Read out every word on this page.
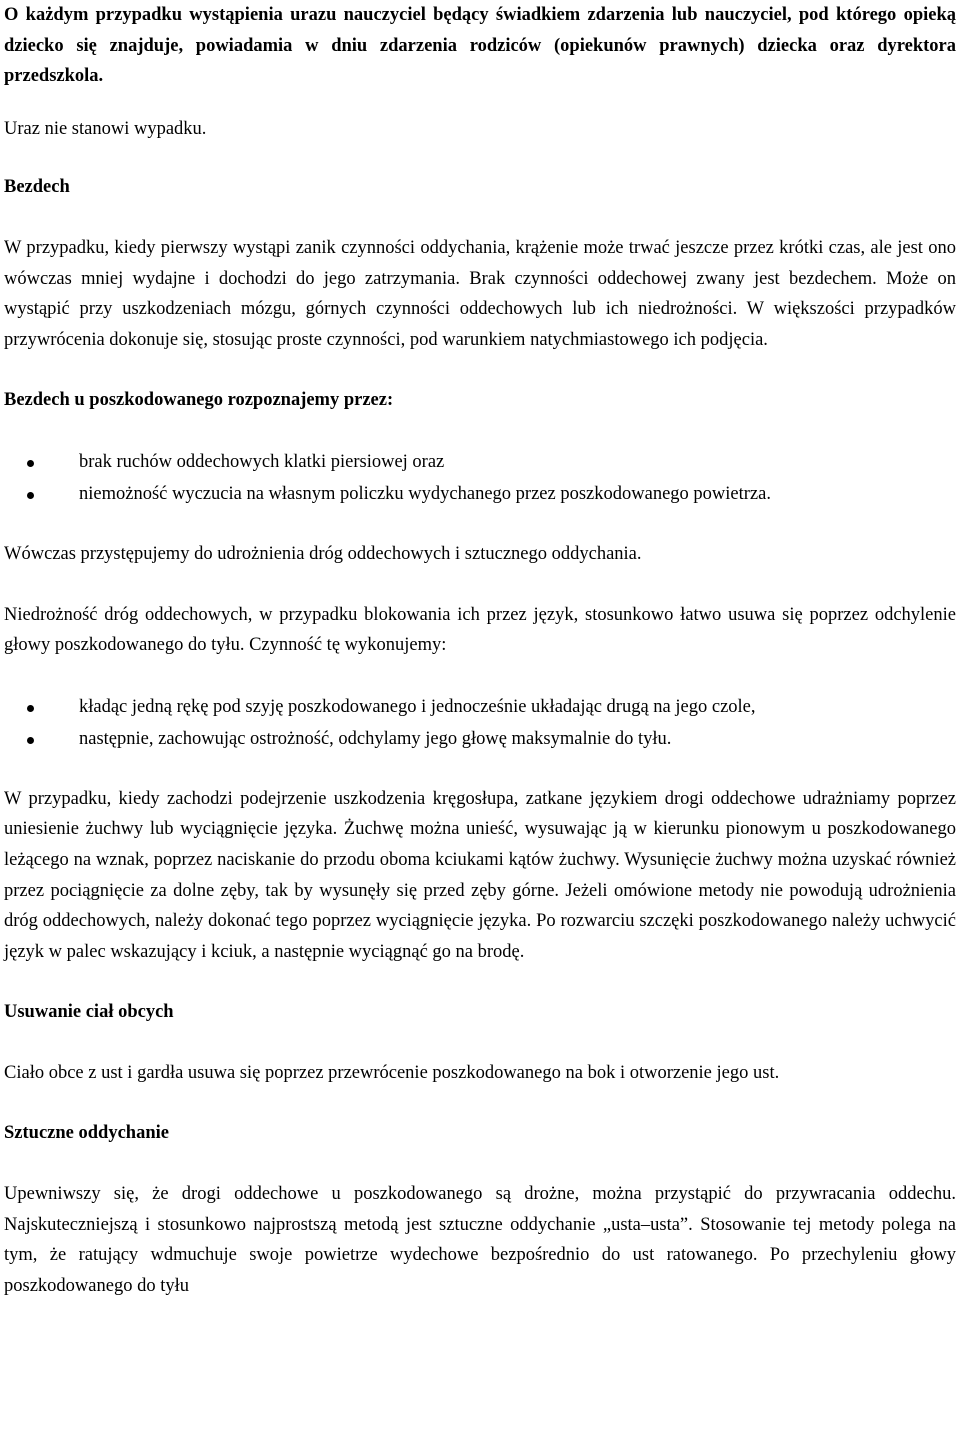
O każdym przypadku wystąpienia urazu nauczyciel będący świadkiem zdarzenia lub nauczyciel, pod którego opieką dziecko się znajduje, powiadamia w dniu zdarzenia rodziców (opiekunów prawnych) dziecka oraz dyrektora przedszkola.

Uraz nie stanowi wypadku.

Bezdech

W przypadku, kiedy pierwszy wystąpi zanik czynności oddychania, krążenie może trwać jeszcze przez krótki czas, ale jest ono wówczas mniej wydajne i dochodzi do jego zatrzymania. Brak czynności oddechowej zwany jest bezdechem. Może on wystąpić przy uszkodzeniach mózgu, górnych czynności oddechowych lub ich niedrożności. W większości przypadków przywrócenia dokonuje się, stosując proste czynności, pod warunkiem natychmiastowego ich podjęcia.

Bezdech u poszkodowanego rozpoznajemy przez:

brak ruchów oddechowych klatki piersiowej oraz
niemożność wyczucia na własnym policzku wydychanego przez poszkodowanego powietrza.

Wówczas przystępujemy do udrożnienia dróg oddechowych i sztucznego oddychania.

Niedrożność dróg oddechowych, w przypadku blokowania ich przez język, stosunkowo łatwo usuwa się poprzez odchylenie głowy poszkodowanego do tyłu. Czynność tę wykonujemy:

kładąc jedną rękę pod szyję poszkodowanego i jednocześnie układając drugą na jego czole,
następnie, zachowując ostrożność, odchylamy jego głowę maksymalnie do tyłu.

W przypadku, kiedy zachodzi podejrzenie uszkodzenia kręgosłupa, zatkane językiem drogi oddechowe udrażniamy poprzez uniesienie żuchwy lub wyciągnięcie języka. Żuchwę można unieść, wysuwając ją w kierunku pionowym u poszkodowanego leżącego na wznak, poprzez naciskanie do przodu oboma kciukami kątów żuchwy. Wysunięcie żuchwy można uzyskać również przez pociągnięcie za dolne zęby, tak by wysunęły się przed zęby górne. Jeżeli omówione metody nie powodują udrożnienia dróg oddechowych, należy dokonać tego poprzez wyciągnięcie języka. Po rozwarciu szczęki poszkodowanego należy uchwycić język w palec wskazujący i kciuk, a następnie wyciągnąć go na brodę.

Usuwanie ciał obcych

Ciało obce z ust i gardła usuwa się poprzez przewrócenie poszkodowanego na bok i otworzenie jego ust.

Sztuczne oddychanie

Upewniwszy się, że drogi oddechowe u poszkodowanego są drożne, można przystąpić do przywracania oddechu. Najskuteczniejszą i stosunkowo najprostszą metodą jest sztuczne oddychanie „usta–usta”. Stosowanie tej metody polega na tym, że ratujący wdmuchuje swoje powietrze wydechowe bezpośrednio do ust ratowanego. Po przechyleniu głowy poszkodowanego do tyłu
